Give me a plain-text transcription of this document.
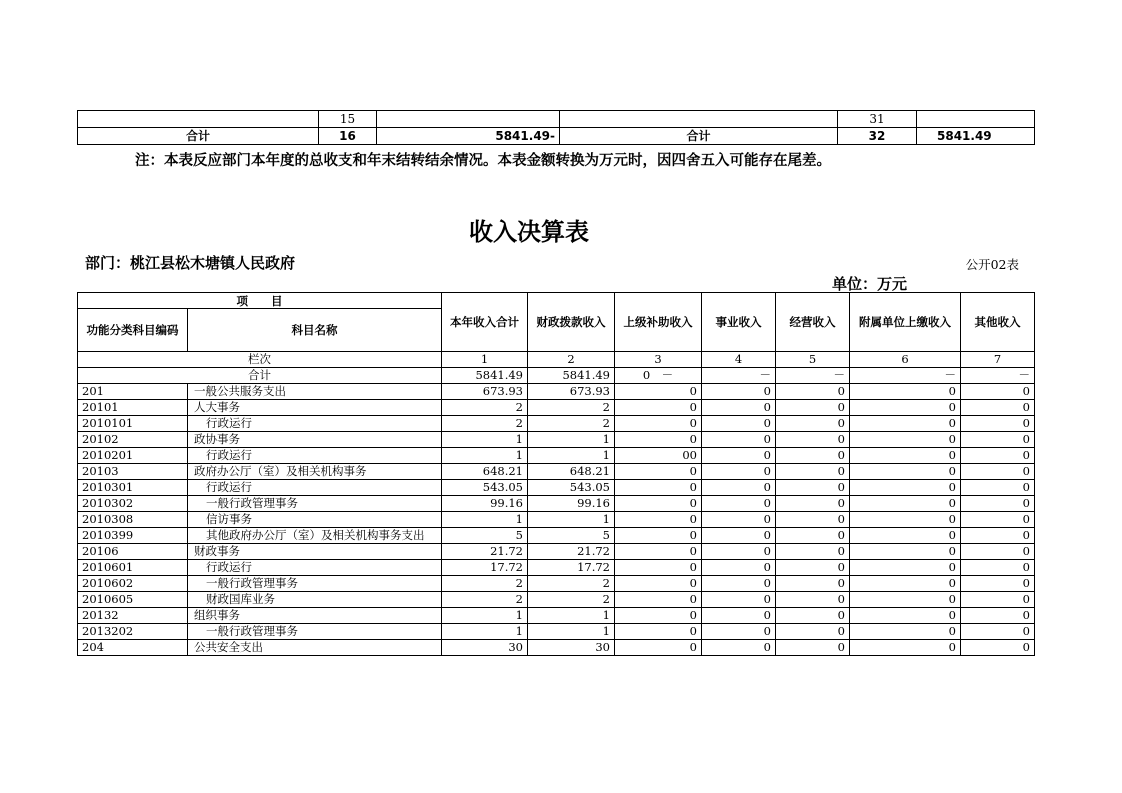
	15			31	
合计	16	5841.49-	合计	32	5841.49
注：本表反应部门本年度的总收支和年末结转结余情况。本表金额转换为万元时，因四舍五入可能存在尾差。
收入决算表
部门：桃江县松木塘镇人民政府	公开02表
单位：万元
项　　目		本年收入合计	财政拨款收入	上级补助收入	事业收入	经营收入	附属单位上缴收入	其他收入
功能分类科目编码	科目名称							
栏次		1	2	3	4	5	6	7
合计		5841.49	5841.49	0　－	－	－	－	－
201	一般公共服务支出	673.93	673.93	0	0	0	0	0
20101	人大事务	2	2	0	0	0	0	0
2010101	行政运行	2	2	0	0	0	0	0
20102	政协事务	1	1	0	0	0	0	0
2010201	行政运行	1	1	00	0	0	0	0
20103	政府办公厅（室）及相关机构事务	648.21	648.21	0	0	0	0	0
2010301	行政运行	543.05	543.05	0	0	0	0	0
2010302	一般行政管理事务	99.16	99.16	0	0	0	0	0
2010308	信访事务	1	1	0	0	0	0	0
2010399	其他政府办公厅（室）及相关机构事务支出	5	5	0	0	0	0	0
20106	财政事务	21.72	21.72	0	0	0	0	0
2010601	行政运行	17.72	17.72	0	0	0	0	0
2010602	一般行政管理事务	2	2	0	0	0	0	0
2010605	财政国库业务	2	2	0	0	0	0	0
20132	组织事务	1	1	0	0	0	0	0
2013202	一般行政管理事务	1	1	0	0	0	0	0
204	公共安全支出	30	30	0	0	0	0	0
